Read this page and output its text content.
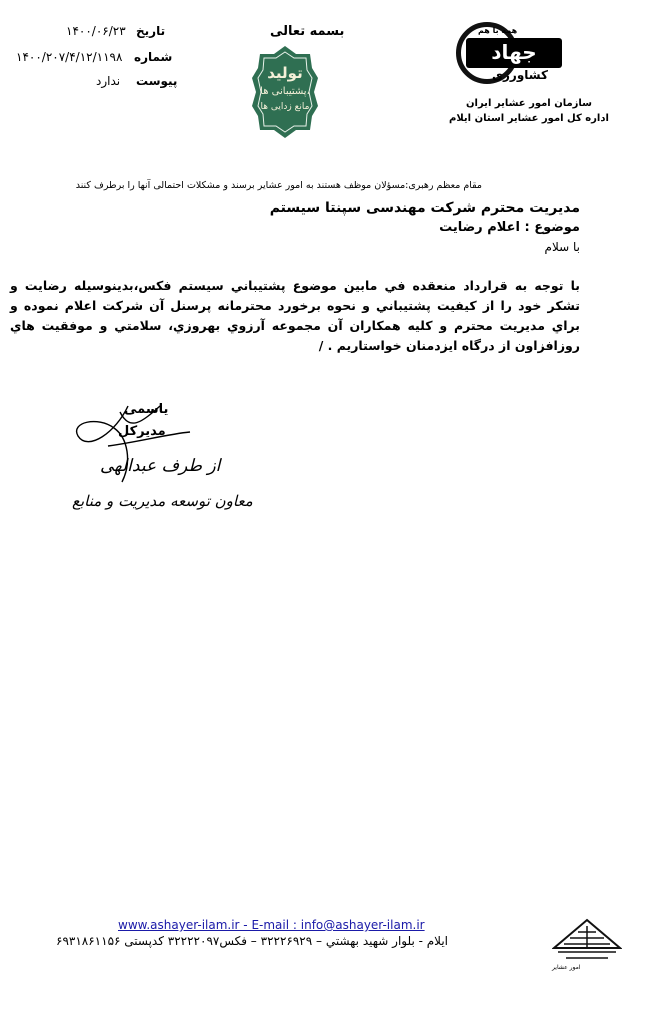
تاریخ
۱۴۰۰/۰۶/۲۳
شماره
۱۴۰۰/۲۰۷/۴/۱۲/۱۱۹۸
پیوست
ندارد
بسمه تعالی
تولید
پشتیبانی ها،
مانع زدایی ها
همه با هم
جهاد
کشاورزی
سازمان امور عشایر ایران
اداره کل امور عشایر استان ایلام
مقام معظم رهبری:مسؤلان موظف هستند به امور عشایر برسند و مشکلات احتمالی آنها را برطرف کنند
مدیریت محترم شرکت مهندسی سپنتا سیستم
موضوع : اعلام رضایت
با سلام
با توجه به قرارداد منعقده في مابين موضوع پشتيباني سيستم فكس،بدينوسيله رضايت و تشكر خود را از كيفيت پشتيباني و نحوه برخورد محترمانه پرسنل آن شركت اعلام نموده و براي مديريت محترم و كليه همكاران آن مجموعه آرزوي بهروزي، سلامتي و موفقيت هاي روزافزاون از درگاه ايزدمنان خواستاريم . /
یاسمی
مدیرکل
از طرف عبدالهی
معاون توسعه مدیریت و منابع
www.ashayer-ilam.ir - E-mail : info@ashayer-ilam.ir
ایلام - بلوار شهید بهشتي – ۳۲۲۲۶۹۲۹ – فكس۳۲۲۲۲۰۹۷ كدپستی ۶۹۳۱۸۶۱۱۵۶
امور عشایر
